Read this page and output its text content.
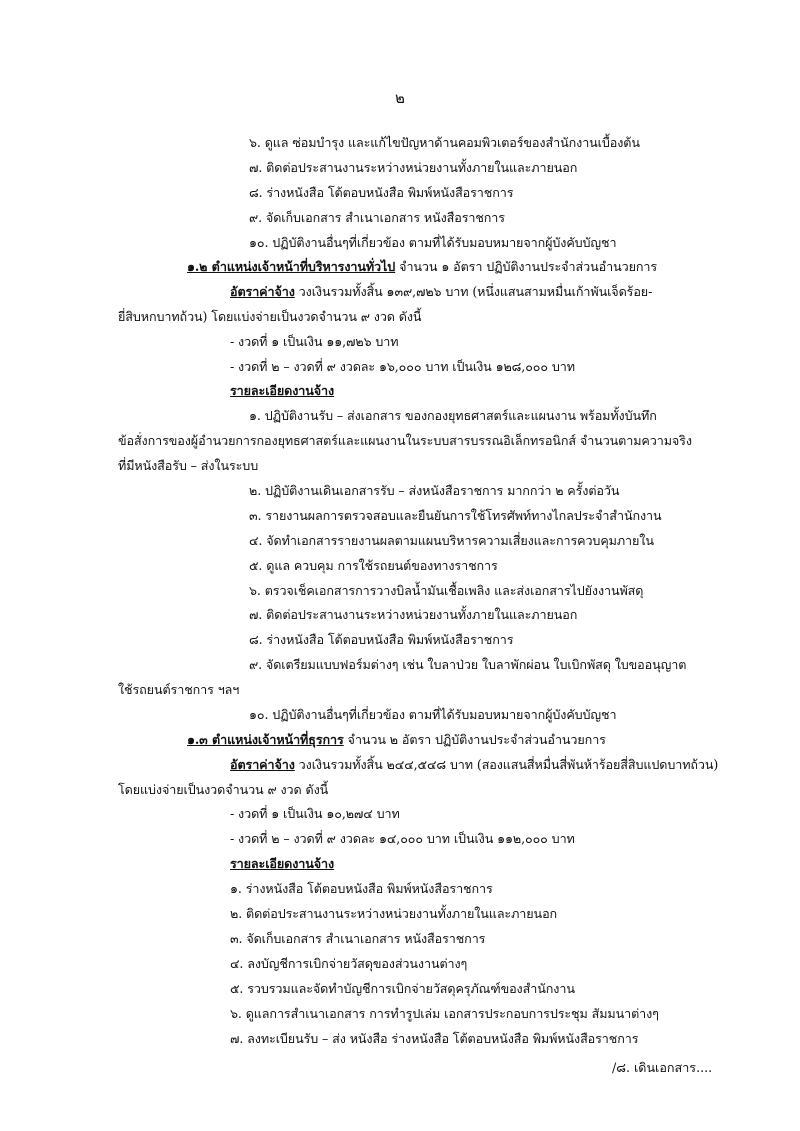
๒
๖. ดูแล ซ่อมบำรุง และแก้ไขปัญหาด้านคอมพิวเตอร์ของสำนักงานเบื้องต้น
๗. ติดต่อประสานงานระหว่างหน่วยงานทั้งภายในและภายนอก
๘. ร่างหนังสือ โต้ตอบหนังสือ พิมพ์หนังสือราชการ
๙. จัดเก็บเอกสาร สำเนาเอกสาร หนังสือราชการ
๑๐. ปฏิบัติงานอื่นๆที่เกี่ยวข้อง ตามที่ได้รับมอบหมายจากผู้บังคับบัญชา
๑.๒ ตำแหน่งเจ้าหน้าที่บริหารงานทั่วไป จำนวน ๑ อัตรา ปฏิบัติงานประจำส่วนอำนวยการ
อัตราค่าจ้าง วงเงินรวมทั้งสิ้น ๑๓๙,๗๒๖ บาท (หนึ่งแสนสามหมื่นเก้าพันเจ็ดร้อย-
ยี่สิบหกบาทถ้วน) โดยแบ่งจ่ายเป็นงวดจำนวน ๙ งวด ดังนี้
- งวดที่ ๑ เป็นเงิน ๑๑,๗๒๖ บาท
- งวดที่ ๒ – งวดที่ ๙ งวดละ ๑๖,๐๐๐ บาท เป็นเงิน ๑๒๘,๐๐๐ บาท
รายละเอียดงานจ้าง
๑. ปฏิบัติงานรับ – ส่งเอกสาร ของกองยุทธศาสตร์และแผนงาน พร้อมทั้งบันทึก
ข้อสั่งการของผู้อำนวยการกองยุทธศาสตร์และแผนงานในระบบสารบรรณอิเล็กทรอนิกส์ จำนวนตามความจริง
ที่มีหนังสือรับ – ส่งในระบบ
๒. ปฏิบัติงานเดินเอกสารรับ – ส่งหนังสือราชการ มากกว่า ๒ ครั้งต่อวัน
๓. รายงานผลการตรวจสอบและยืนยันการใช้โทรศัพท์ทางไกลประจำสำนักงาน
๔. จัดทำเอกสารรายงานผลตามแผนบริหารความเสี่ยงและการควบคุมภายใน
๕. ดูแล ควบคุม การใช้รถยนต์ของทางราชการ
๖. ตรวจเช็คเอกสารการวางบิลน้ำมันเชื้อเพลิง และส่งเอกสารไปยังงานพัสดุ
๗. ติดต่อประสานงานระหว่างหน่วยงานทั้งภายในและภายนอก
๘. ร่างหนังสือ โต้ตอบหนังสือ พิมพ์หนังสือราชการ
๙. จัดเตรียมแบบฟอร์มต่างๆ เช่น ใบลาป่วย ใบลาพักผ่อน ใบเบิกพัสดุ ใบขออนุญาต
ใช้รถยนต์ราชการ ฯลฯ
๑๐. ปฏิบัติงานอื่นๆที่เกี่ยวข้อง ตามที่ได้รับมอบหมายจากผู้บังคับบัญชา
๑.๓ ตำแหน่งเจ้าหน้าที่ธุรการ จำนวน ๒ อัตรา ปฏิบัติงานประจำส่วนอำนวยการ
อัตราค่าจ้าง วงเงินรวมทั้งสิ้น ๒๔๔,๕๔๘ บาท (สองแสนสี่หมื่นสี่พันห้าร้อยสี่สิบแปดบาทถ้วน)
โดยแบ่งจ่ายเป็นงวดจำนวน ๙ งวด ดังนี้
- งวดที่ ๑ เป็นเงิน ๑๐,๒๗๔ บาท
- งวดที่ ๒ – งวดที่ ๙ งวดละ ๑๔,๐๐๐ บาท เป็นเงิน ๑๑๒,๐๐๐ บาท
รายละเอียดงานจ้าง
๑. ร่างหนังสือ โต้ตอบหนังสือ พิมพ์หนังสือราชการ
๒. ติดต่อประสานงานระหว่างหน่วยงานทั้งภายในและภายนอก
๓. จัดเก็บเอกสาร สำเนาเอกสาร หนังสือราชการ
๔. ลงบัญชีการเบิกจ่ายวัสดุของส่วนงานต่างๆ
๕. รวบรวมและจัดทำบัญชีการเบิกจ่ายวัสดุครุภัณฑ์ของสำนักงาน
๖. ดูแลการสำเนาเอกสาร การทำรูปเล่ม เอกสารประกอบการประชุม สัมมนาต่างๆ
๗. ลงทะเบียนรับ – ส่ง หนังสือ ร่างหนังสือ โต้ตอบหนังสือ พิมพ์หนังสือราชการ
/๘. เดินเอกสาร....
